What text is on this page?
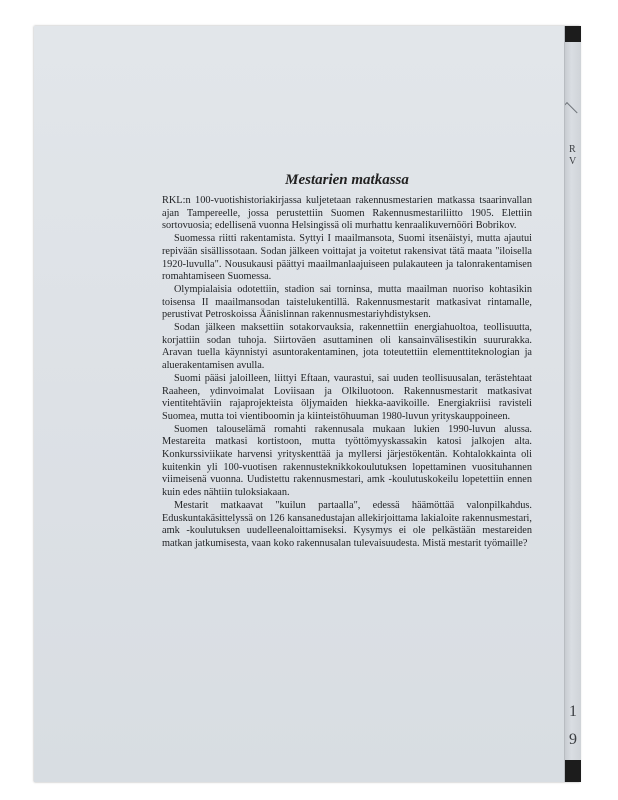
Mestarien matkassa

RKL:n 100-vuotishistoriakirjassa kuljetetaan rakennusmestarien matkassa tsaarinvallan ajan Tampereelle, jossa perustettiin Suomen Rakennusmestariliitto 1905. Elettiin sortovuosia; edellisenä vuonna Helsingissä oli murhattu kenraalikuvernööri Bobrikov.

Suomessa riitti rakentamista. Syttyi I maailmansota, Suomi itsenäistyi, mutta ajautui repivään sisällissotaan. Sodan jälkeen voittajat ja voitetut rakensivat tätä maata "iloisella 1920-luvulla". Nousukausi päättyi maailmanlaajuiseen pulakauteen ja talonrakentamisen romahtamiseen Suomessa.

Olympialaisia odotettiin, stadion sai torninsa, mutta maailman nuoriso kohtasikin toisensa II maailmansodan taistelukentillä. Rakennusmestarit matkasivat rintamalle, perustivat Petroskoissa Äänislinnan rakennusmestariyhdistyksen.

Sodan jälkeen maksettiin sotakorvauksia, rakennettiin energiahuoltoa, teollisuutta, korjattiin sodan tuhoja. Siirtoväen asuttaminen oli kansainvälisestikin suururakka. Aravan tuella käynnistyi asuntorakentaminen, jota toteutettiin elementtiteknologian ja aluerakentamisen avulla.

Suomi pääsi jaloilleen, liittyi Eftaan, vaurastui, sai uuden teollisuusalan, terästehtaat Raaheen, ydinvoimalat Loviisaan ja Olkiluotoon. Rakennusmestarit matkasivat vientitehtäviin rajaprojekteista öljymaiden hiekka-aavikoille. Energiakriisi ravisteli Suomea, mutta toi vientiboomin ja kiinteistöhuuman 1980-luvun yrityskauppoineen.

Suomen talouselämä romahti rakennusala mukaan lukien 1990-luvun alussa. Mestareita matkasi kortistoon, mutta työttömyyskassakin katosi jalkojen alta. Konkurssiviikate harvensi yrityskenttää ja myllersi järjestökentän. Kohtalokkainta oli kuitenkin yli 100-vuotisen rakennusteknikkokoulutuksen lopettaminen vuosituhannen viimeisenä vuonna. Uudistettu rakennusmestari, amk -koulutuskokeilu lopetettiin ennen kuin edes nähtiin tuloksiakaan.

Mestarit matkaavat "kuilun partaalla", edessä häämöttää valonpilkahdus. Eduskuntakäsittelyssä on 126 kansanedustajan allekirjoittama lakialoite rakennusmestari, amk -koulutuksen uudelleenaloittamiseksi. Kysymys ei ole pelkästään mestareiden matkan jatkumisesta, vaan koko rakennusalan tulevaisuudesta. Mistä mestarit työmaille?

R
V
1
9
